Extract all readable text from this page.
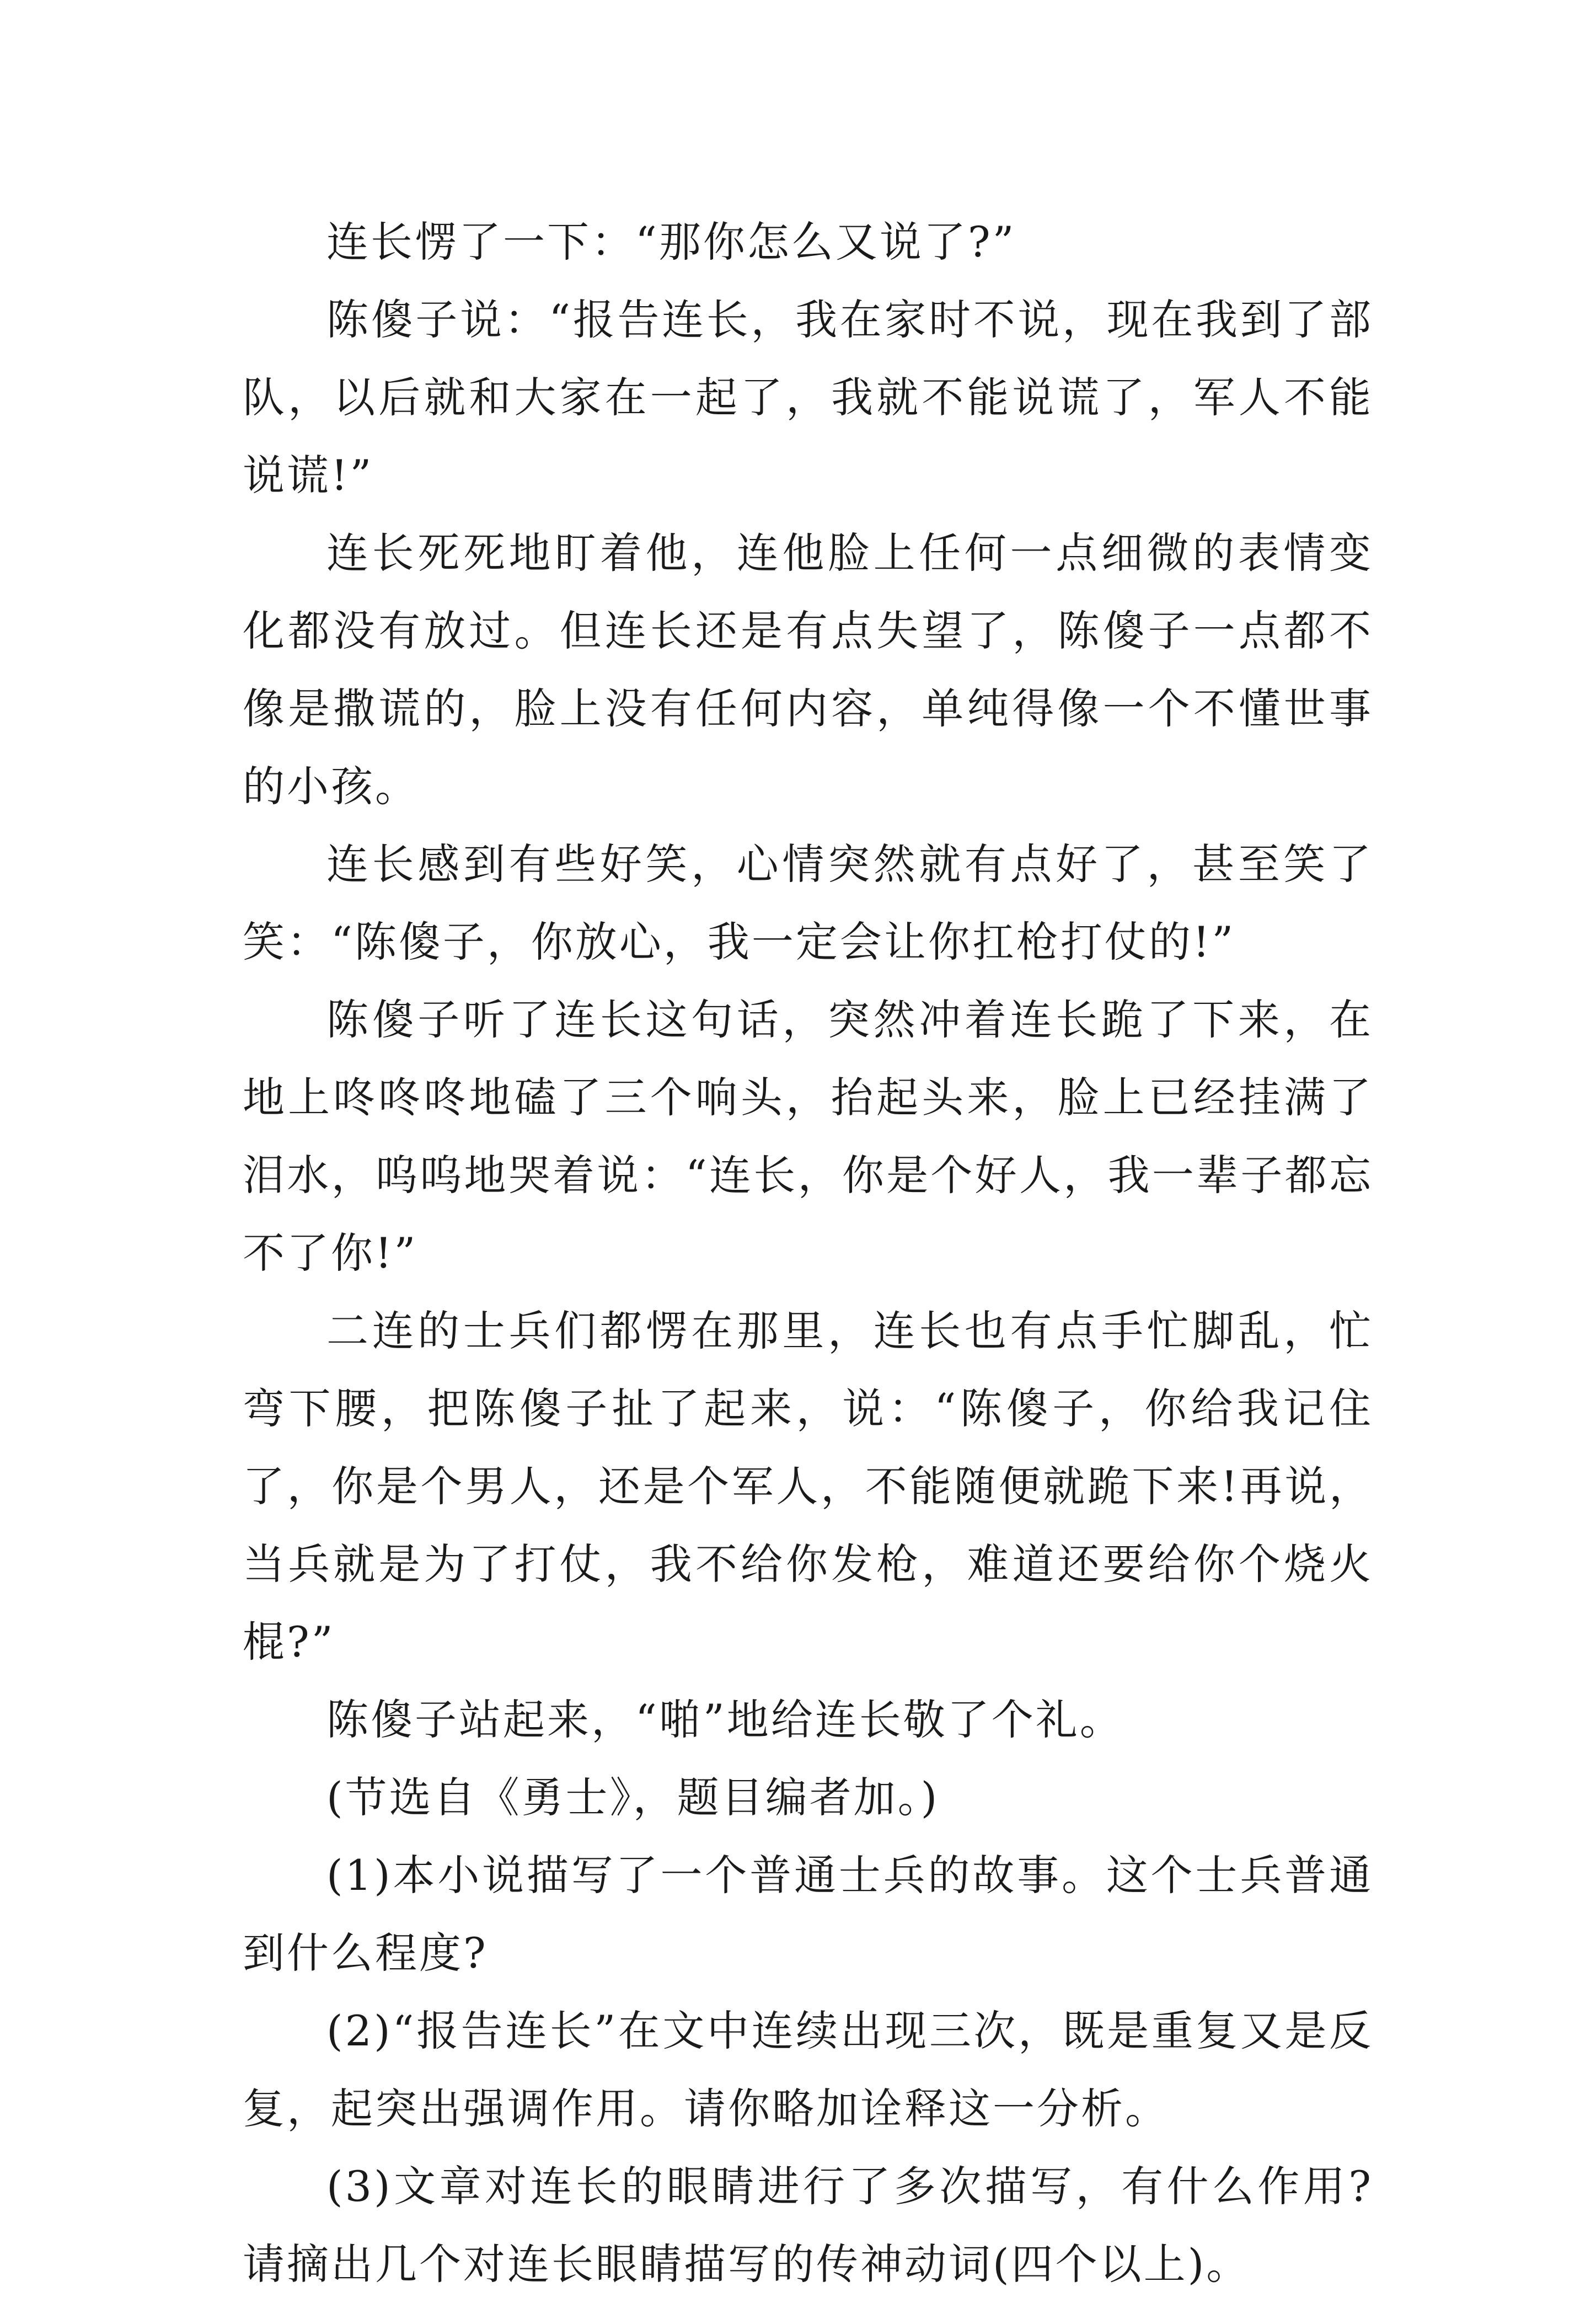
连长愣了一下：“那你怎么又说了?”

陈傻子说：“报告连长，我在家时不说，现在我到了部队，以后就和大家在一起了，我就不能说谎了，军人不能说谎!”

连长死死地盯着他，连他脸上任何一点细微的表情变化都没有放过。但连长还是有点失望了，陈傻子一点都不像是撒谎的，脸上没有任何内容，单纯得像一个不懂世事的小孩。

连长感到有些好笑，心情突然就有点好了，甚至笑了笑：“陈傻子，你放心，我一定会让你扛枪打仗的!”

陈傻子听了连长这句话，突然冲着连长跪了下来，在地上咚咚咚地磕了三个响头，抬起头来，脸上已经挂满了泪水，呜呜地哭着说：“连长，你是个好人，我一辈子都忘不了你!”

二连的士兵们都愣在那里，连长也有点手忙脚乱，忙弯下腰，把陈傻子扯了起来，说：“陈傻子，你给我记住了，你是个男人，还是个军人，不能随便就跪下来!再说，当兵就是为了打仗，我不给你发枪，难道还要给你个烧火棍?”

陈傻子站起来，“啪”地给连长敬了个礼。

(节选自《勇士》，题目编者加。)

(1)本小说描写了一个普通士兵的故事。这个士兵普通到什么程度?

(2)“报告连长”在文中连续出现三次，既是重复又是反复，起突出强调作用。请你略加诠释这一分析。

(3)文章对连长的眼睛进行了多次描写，有什么作用?请摘出几个对连长眼睛描写的传神动词(四个以上)。
